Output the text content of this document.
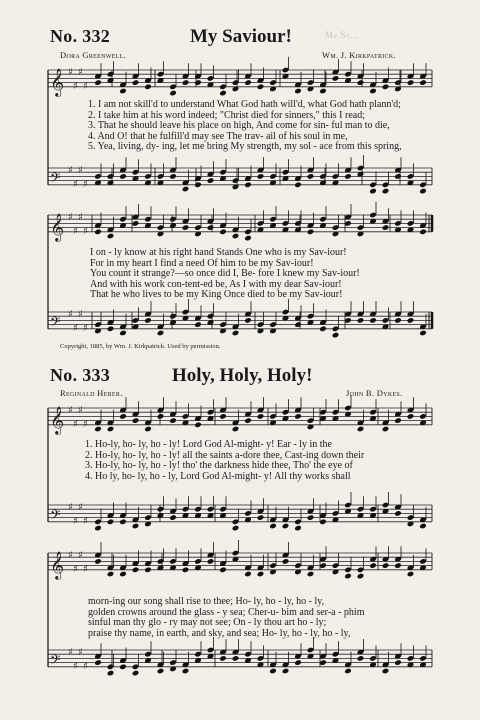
No. 332	My Saviour!
Dora Greenwell.	Wm. J. Kirkpatrick.
My Sa...
1. I am not skill'd to understand What God hath will'd, what God hath plann'd;
2. I take him at his word indeed; "Christ died for sinners," this I read;
3. That he should leave his place on high, And come for sin- ful man to die,
4. And O! that he fulfill'd may see The trav- ail of his soul in me,
5. Yea, living, dy- ing, let me bring My strength, my sol - ace from this spring,
I on - ly know at his right hand Stands One who is my Sav-iour!
For in my heart I find a need Of him to be my Sav-iour!
You count it strange?—so once did I, Be- fore I knew my Sav-iour!
And with his work con-tent-ed be, As I with my dear Sav-iour!
That he who lives to be my King Once died to be my Sav-iour!
Copyright, 1885, by Wm. J. Kirkpatrick. Used by permission.
No. 333	Holy, Holy, Holy!
Reginald Heber.	John B. Dykes.
1. Ho-ly, ho- ly, ho - ly! Lord God Al-might- y! Ear - ly in the
2. Ho-ly, ho- ly, ho - ly! all the saints a-dore thee, Cast-ing down their
3. Ho-ly, ho- ly, ho - ly! tho' the darkness hide thee, Tho' the eye of
4. Ho ly, ho- ly, ho - ly, Lord God Al-might- y! All thy works shall
morn-ing our song shall rise to thee; Ho- ly, ho - ly, ho - ly,
golden crowns around the glass - y sea; Cher-u- bim and ser-a - phim
sinful man thy glo - ry may not see; On - ly thou art ho - ly;
praise thy name, in earth, and sky, and sea; Ho- ly, ho - ly, ho - ly,
𝄞 ♯
♯
♯
♯
𝄢 ♯
♯
♯
♯
𝄞 ♯
♯
♯
♯
𝄢 ♯
♯
♯
♯
𝄞 ♯
♯
♯
♯
𝄢 ♯
♯
♯
♯
𝄞 ♯
♯
♯
♯
𝄢 ♯
♯
♯
♯
